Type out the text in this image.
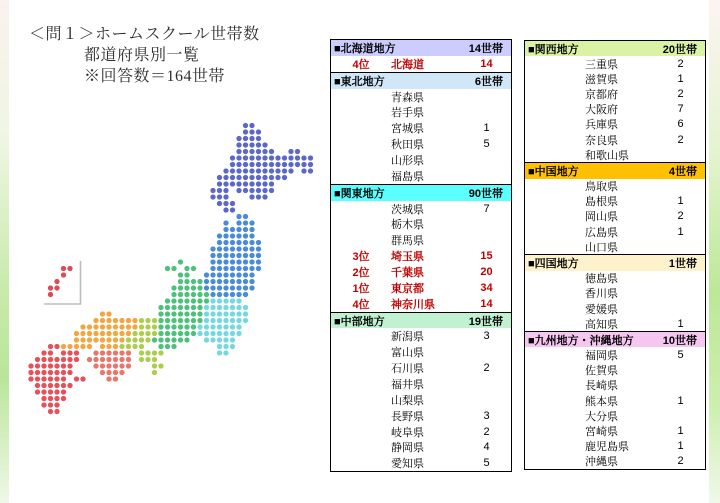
＜問１＞ホームスクール世帯数
都道府県別一覧
※回答数＝164世帯
■北海道地方	14世帯
4位	北海道	14
■東北地方	6世帯
青森県
岩手県
宮城県	1
秋田県	5
山形県
福島県
■関東地方	90世帯
茨城県	7
栃木県
群馬県
3位	埼玉県	15
2位	千葉県	20
1位	東京都	34
4位	神奈川県	14
■中部地方	19世帯
新潟県	3
富山県
石川県	2
福井県
山梨県
長野県	3
岐阜県	2
静岡県	4
愛知県	5
■関西地方	20世帯
三重県	2
滋賀県	1
京都府	2
大阪府	7
兵庫県	6
奈良県	2
和歌山県
■中国地方	4世帯
鳥取県
島根県	1
岡山県	2
広島県	1
山口県
■四国地方	1世帯
徳島県
香川県
愛媛県
高知県	1
■九州地方・沖縄地方	10世帯
福岡県	5
佐賀県
長崎県
熊本県	1
大分県
宮崎県	1
鹿児島県	1
沖縄県	2
